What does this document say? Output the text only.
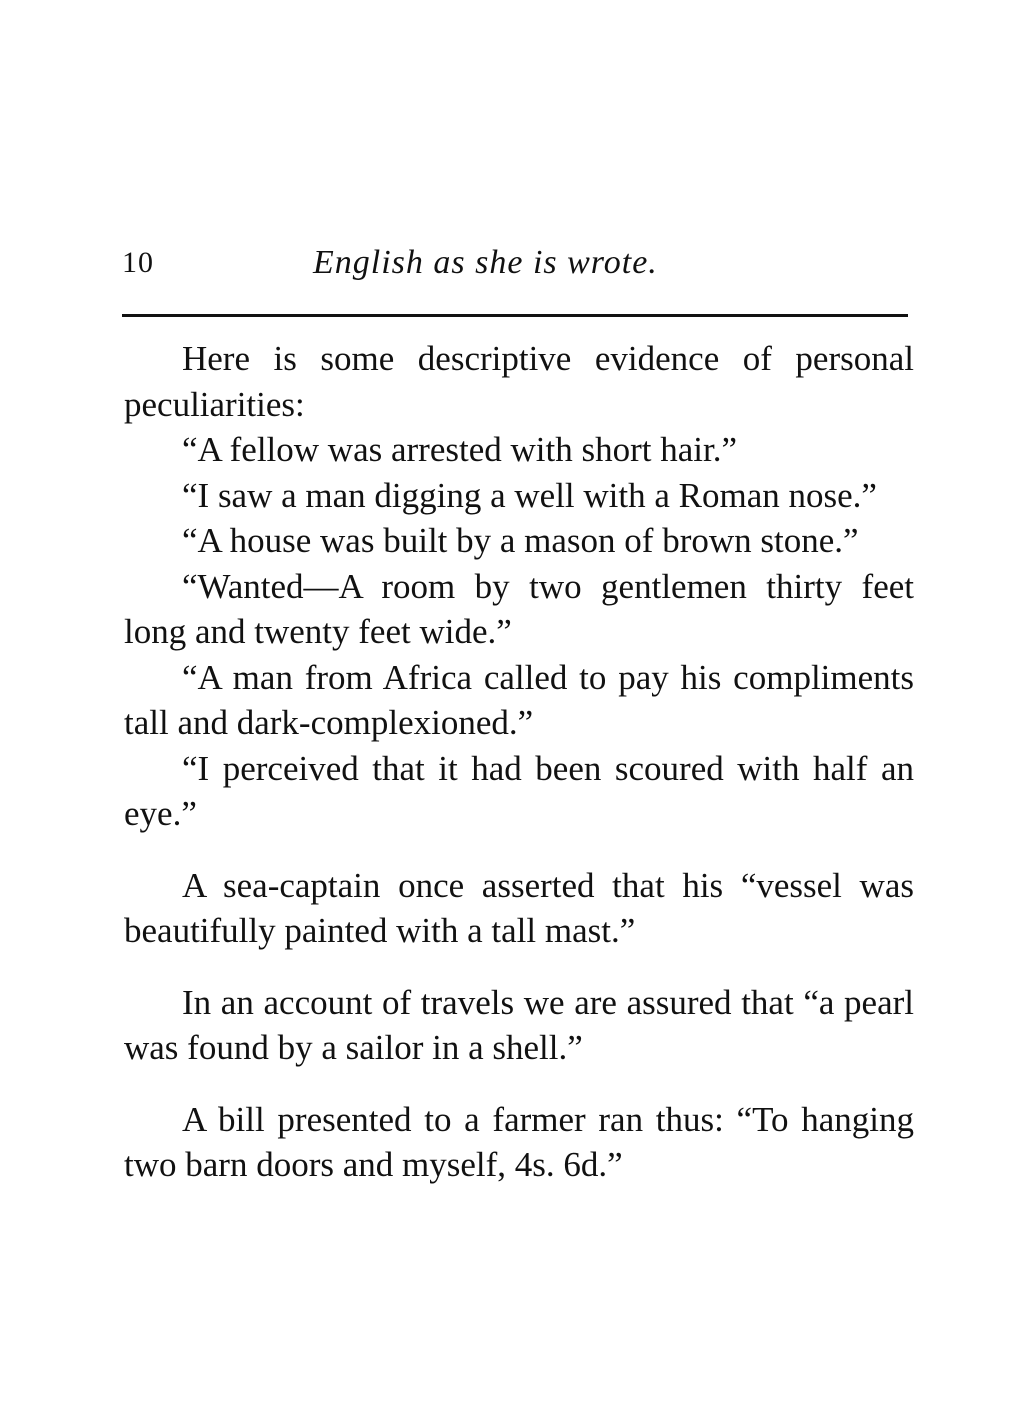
10	English as she is wrote.

Here is some descriptive evidence of personal peculiarities:

“A fellow was arrested with short hair.”

“I saw a man digging a well with a Roman nose.”

“A house was built by a mason of brown stone.”

“Wanted—A room by two gentlemen thirty feet long and twenty feet wide.”

“A man from Africa called to pay his compliments tall and dark-complexioned.”

“I perceived that it had been scoured with half an eye.”

A sea-captain once asserted that his “vessel was beautifully painted with a tall mast.”

In an account of travels we are assured that “a pearl was found by a sailor in a shell.”

A bill presented to a farmer ran thus: “To hanging two barn doors and myself, 4s. 6d.”
